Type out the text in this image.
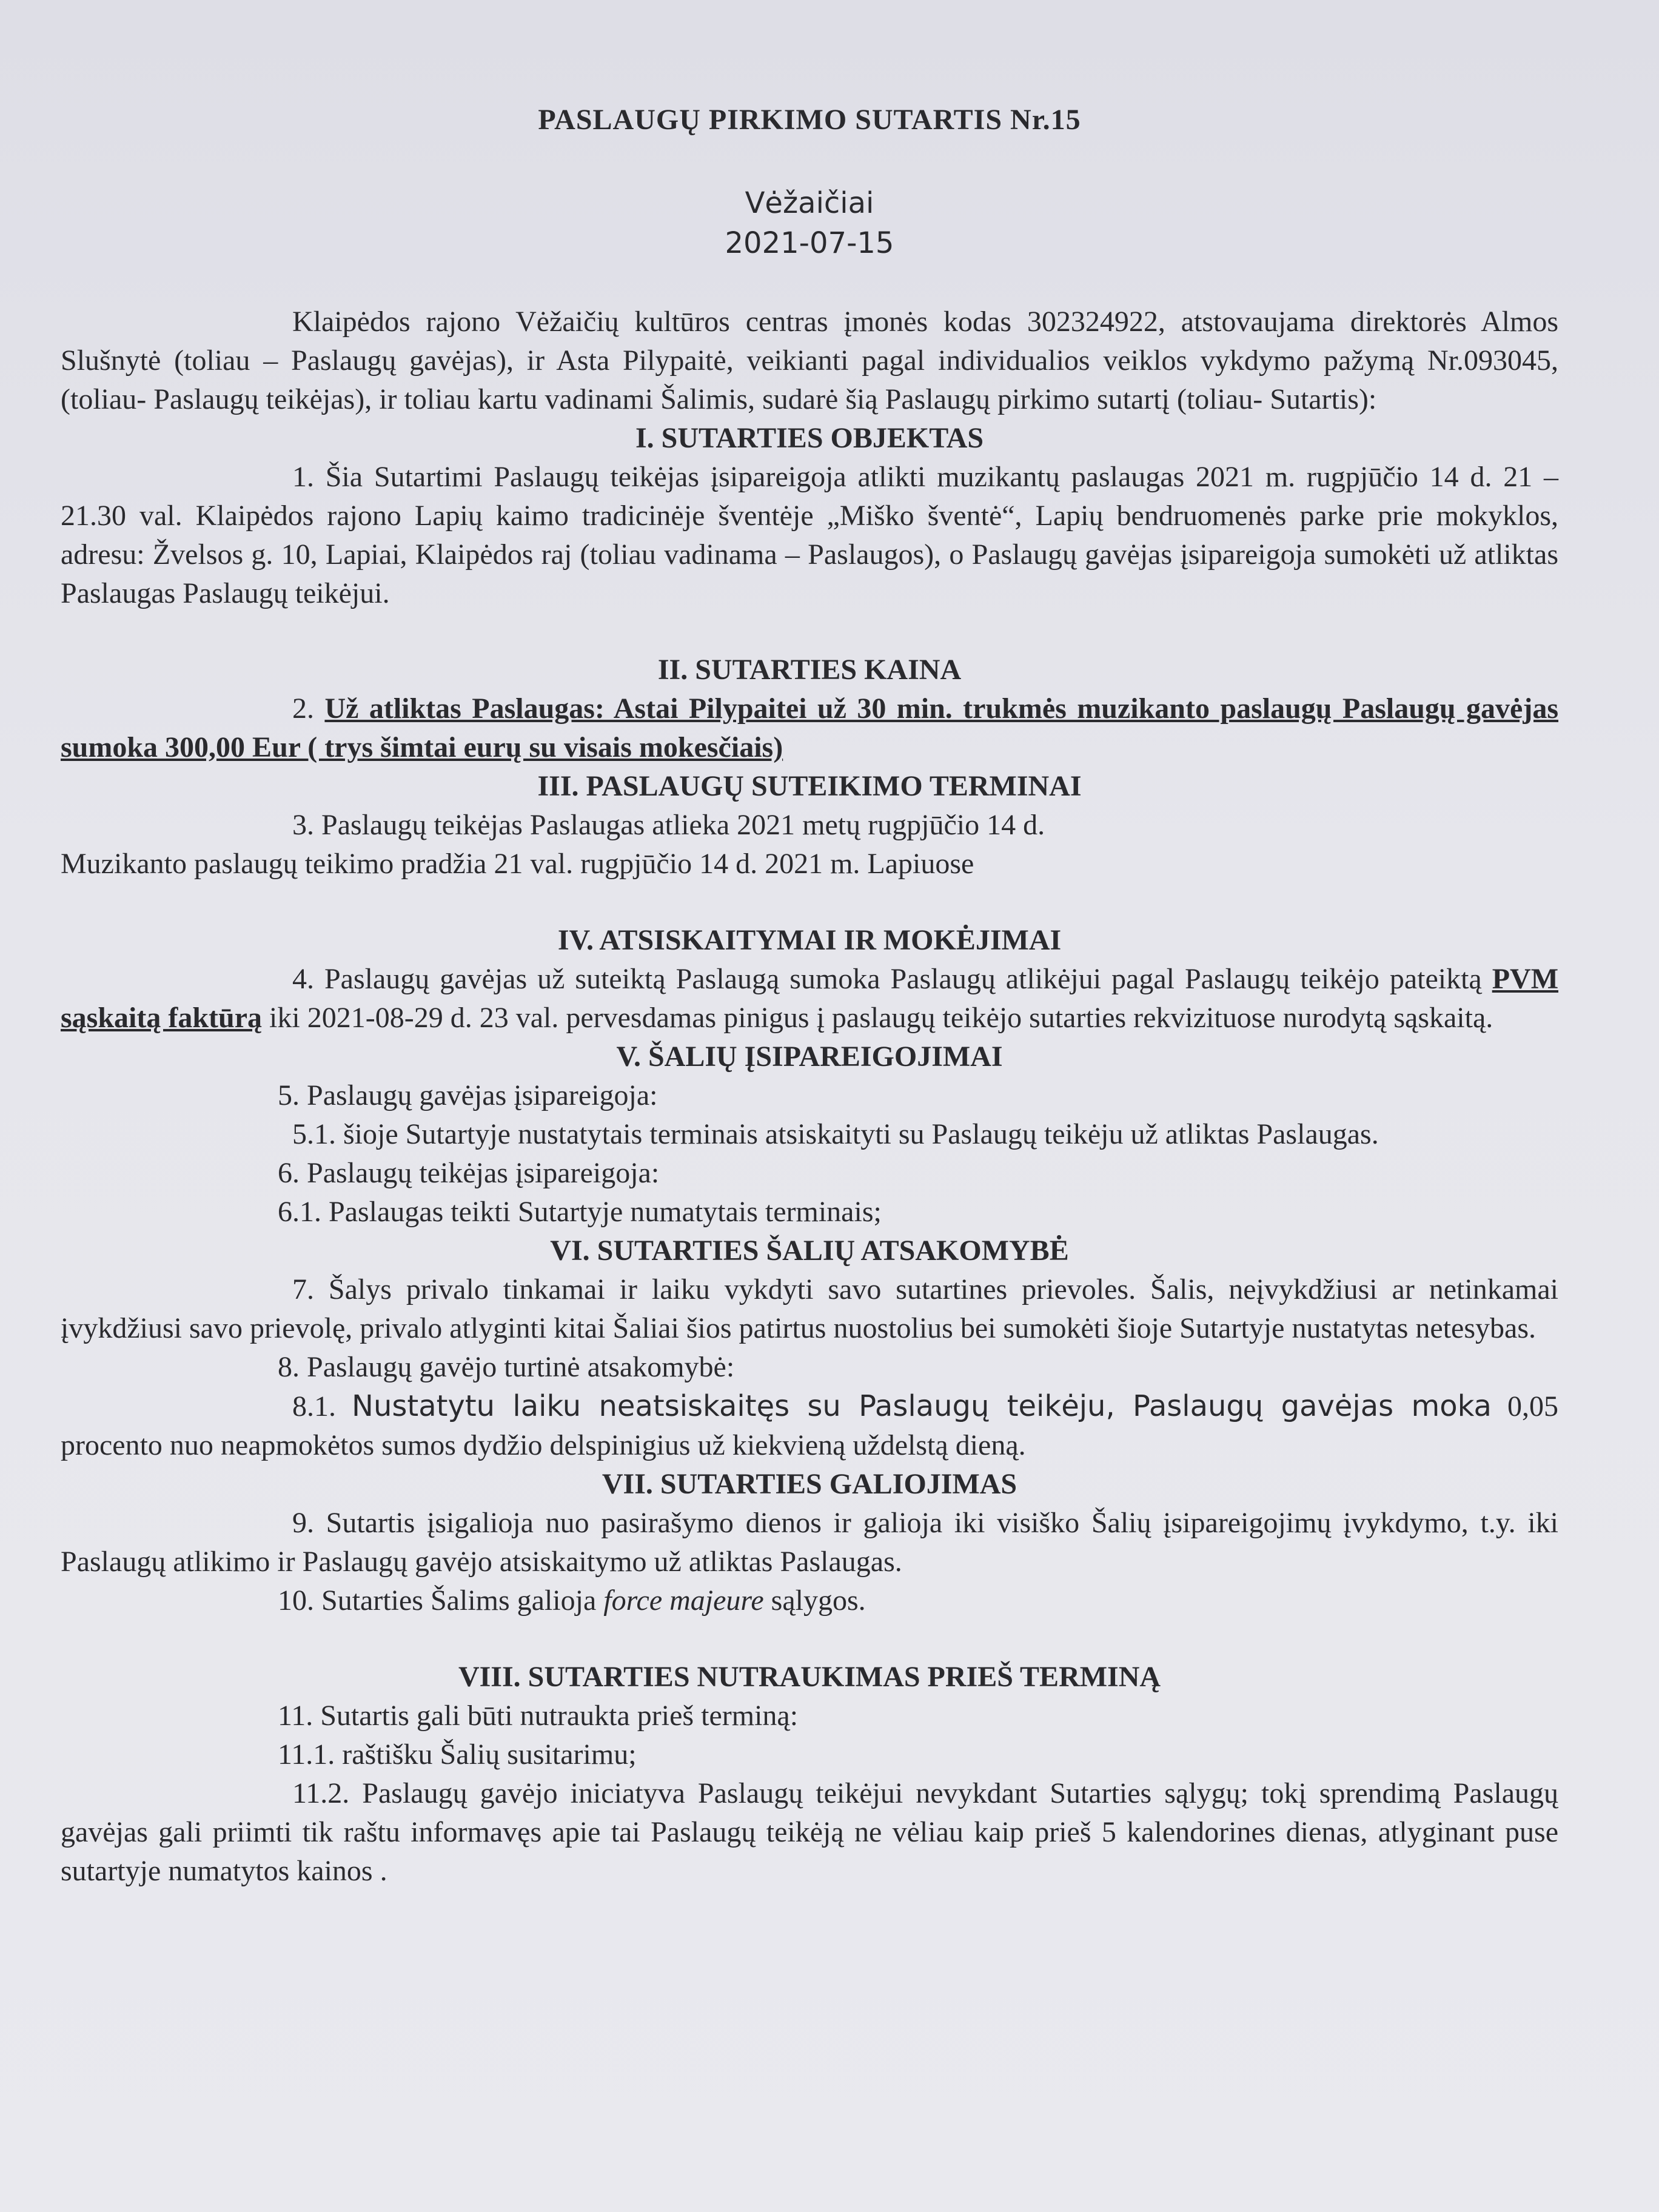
PASLAUGŲ PIRKIMO SUTARTIS Nr.15
Vėžaičiai
2021-07-15
Klaipėdos rajono Vėžaičių kultūros centras įmonės kodas 302324922, atstovaujama direktorės Almos Slušnytė (toliau – Paslaugų gavėjas), ir Asta Pilypaitė, veikianti pagal individualios veiklos vykdymo pažymą Nr.093045, (toliau- Paslaugų teikėjas), ir toliau kartu vadinami Šalimis, sudarė šią Paslaugų pirkimo sutartį (toliau- Sutartis):
I. SUTARTIES OBJEKTAS
1. Šia Sutartimi Paslaugų teikėjas įsipareigoja atlikti muzikantų paslaugas 2021 m. rugpjūčio 14 d. 21 – 21.30 val. Klaipėdos rajono Lapių kaimo tradicinėje šventėje „Miško šventė“, Lapių bendruomenės parke prie mokyklos, adresu: Žvelsos g. 10, Lapiai, Klaipėdos raj (toliau vadinama – Paslaugos), o Paslaugų gavėjas įsipareigoja sumokėti už atliktas Paslaugas Paslaugų teikėjui.
II. SUTARTIES KAINA
2. Už atliktas Paslaugas: Astai Pilypaitei už 30 min. trukmės muzikanto paslaugų Paslaugų gavėjas sumoka 300,00 Eur ( trys šimtai eurų su visais mokesčiais)
III. PASLAUGŲ SUTEIKIMO TERMINAI
3. Paslaugų teikėjas Paslaugas atlieka 2021 metų rugpjūčio 14 d.
Muzikanto paslaugų teikimo pradžia 21 val. rugpjūčio 14 d. 2021 m. Lapiuose
IV. ATSISKAITYMAI IR MOKĖJIMAI
4. Paslaugų gavėjas už suteiktą Paslaugą sumoka Paslaugų atlikėjui pagal Paslaugų teikėjo pateiktą PVM sąskaitą faktūrą iki 2021-08-29 d. 23 val. pervesdamas pinigus į paslaugų teikėjo sutarties rekvizituose nurodytą sąskaitą.
V. ŠALIŲ ĮSIPAREIGOJIMAI
5. Paslaugų gavėjas įsipareigoja:
5.1. šioje Sutartyje nustatytais terminais atsiskaityti su Paslaugų teikėju už atliktas Paslaugas.
6. Paslaugų teikėjas įsipareigoja:
6.1. Paslaugas teikti Sutartyje numatytais terminais;
VI. SUTARTIES ŠALIŲ ATSAKOMYBĖ
7. Šalys privalo tinkamai ir laiku vykdyti savo sutartines prievoles. Šalis, neįvykdžiusi ar netinkamai įvykdžiusi savo prievolę, privalo atlyginti kitai Šaliai šios patirtus nuostolius bei sumokėti šioje Sutartyje nustatytas netesybas.
8. Paslaugų gavėjo turtinė atsakomybė:
8.1. Nustatytu laiku neatsiskaitęs su Paslaugų teikėju, Paslaugų gavėjas moka 0,05 procento nuo neapmokėtos sumos dydžio delspinigius už kiekvieną uždelstą dieną.
VII. SUTARTIES GALIOJIMAS
9. Sutartis įsigalioja nuo pasirašymo dienos ir galioja iki visiško Šalių įsipareigojimų įvykdymo, t.y. iki Paslaugų atlikimo ir Paslaugų gavėjo atsiskaitymo už atliktas Paslaugas.
10. Sutarties Šalims galioja force majeure sąlygos.
VIII. SUTARTIES NUTRAUKIMAS PRIEŠ TERMINĄ
11. Sutartis gali būti nutraukta prieš terminą:
11.1. raštišku Šalių susitarimu;
11.2. Paslaugų gavėjo iniciatyva Paslaugų teikėjui nevykdant Sutarties sąlygų; tokį sprendimą Paslaugų gavėjas gali priimti tik raštu informavęs apie tai Paslaugų teikėją ne vėliau kaip prieš 5 kalendorines dienas, atlyginant puse sutartyje numatytos kainos .
